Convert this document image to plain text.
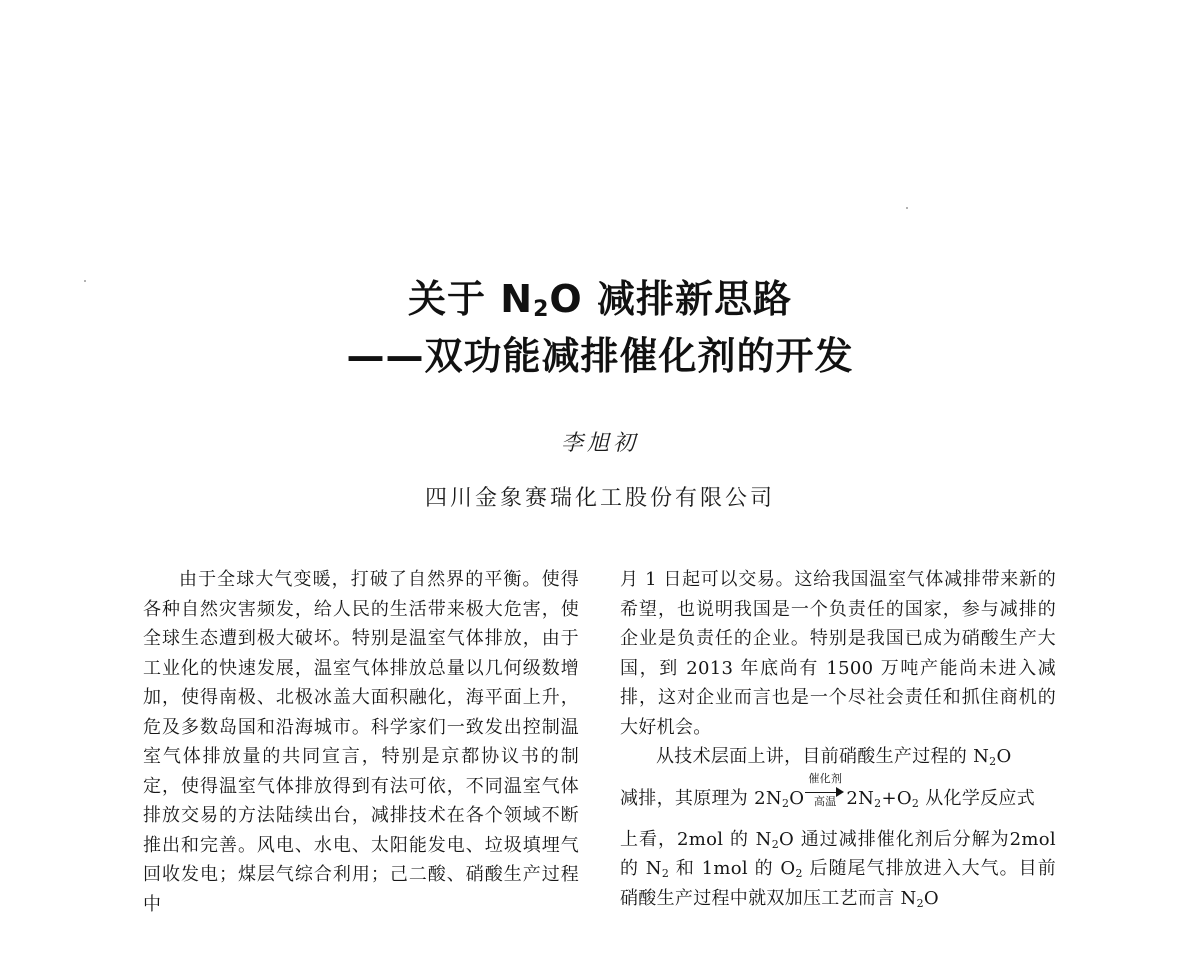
关于 $N_2O$ 减排新思路
——双功能减排催化剂的开发
李旭初
四川金象赛瑞化工股份有限公司

由于全球大气变暖，打破了自然界的平衡。使得各种自然灾害频发，给人民的生活带来极大危害，使全球生态遭到极大破坏。特别是温室气体排放，由于工业化的快速发展，温室气体排放总量以几何级数增加，使得南极、北极冰盖大面积融化，海平面上升，危及多数岛国和沿海城市。科学家们一致发出控制温室气体排放量的共同宣言，特别是京都协议书的制定，使得温室气体排放得到有法可依，不同温室气体排放交易的方法陆续出台，减排技术在各个领域不断推出和完善。风电、水电、太阳能发电、垃圾填埋气回收发电；煤层气综合利用；己二酸、硝酸生产过程中

月 1 日起可以交易。这给我国温室气体减排带来新的希望，也说明我国是一个负责任的国家，参与减排的企业是负责任的企业。特别是我国已成为硝酸生产大国，到 2013 年底尚有 1500 万吨产能尚未进入减排，这对企业而言也是一个尽社会责任和抓住商机的大好机会。

从技术层面上讲，目前硝酸生产过程的 $N_2O$

减排，其原理为 $2N_2O \frac{\text{催化剂}}{\text{高温}} 2N_2+O_2$ 从化学反应式

上看，2mol 的 $N_2O$ 通过减排催化剂后分解为2mol 的 $N_2$ 和 1mol 的 $O_2$ 后随尾气排放进入大气。目前硝酸生产过程中就双加压工艺而言 $N_2O$
